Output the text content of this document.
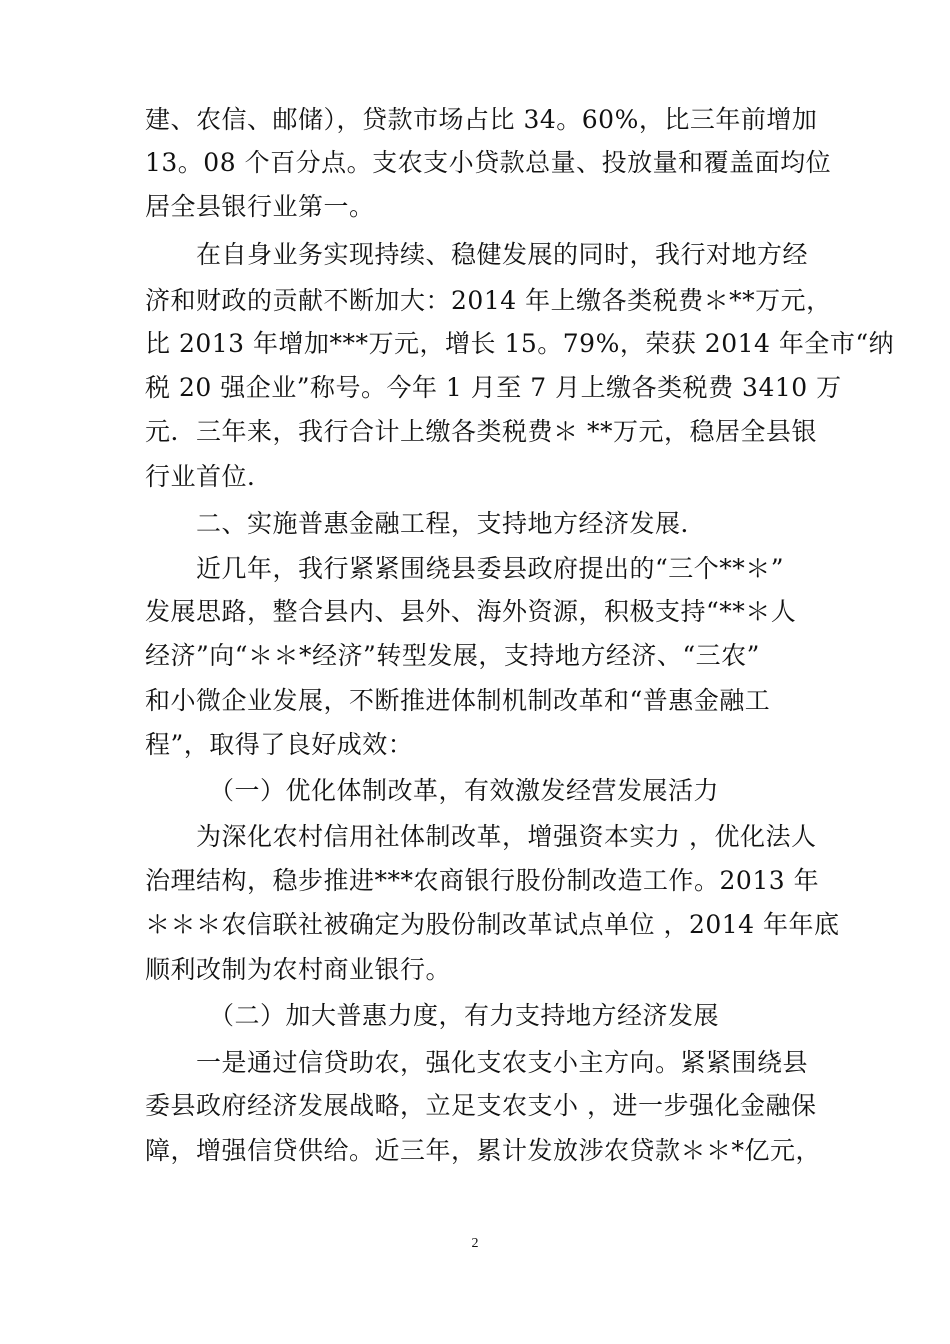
建、农信、邮储），贷款市场占比 34。60%，比三年前增加
13。08 个百分点。支农支小贷款总量、投放量和覆盖面均位
居全县银行业第一。
　　在自身业务实现持续、稳健发展的同时，我行对地方经
济和财政的贡献不断加大：2014 年上缴各类税费＊**万元，
比 2013 年增加***万元，增长 15。79%，荣获 2014 年全市“纳
税 20 强企业”称号。今年 1 月至 7 月上缴各类税费 3410 万
元．三年来，我行合计上缴各类税费＊ **万元，稳居全县银
行业首位．
　　二、实施普惠金融工程，支持地方经济发展．
　　近几年，我行紧紧围绕县委县政府提出的“三个**＊”
发展思路，整合县内、县外、海外资源，积极支持“**＊人
经济”向“＊＊*经济”转型发展，支持地方经济、“三农”
和小微企业发展，不断推进体制机制改革和“普惠金融工
程”，取得了良好成效：
　　　（一）优化体制改革，有效激发经营发展活力
　　为深化农村信用社体制改革，增强资本实力 ，优化法人
治理结构，稳步推进***农商银行股份制改造工作。2013 年
＊＊＊农信联社被确定为股份制改革试点单位 ，2014 年年底
顺利改制为农村商业银行。
　　　（二）加大普惠力度，有力支持地方经济发展
　　一是通过信贷助农，强化支农支小主方向。紧紧围绕县
委县政府经济发展战略，立足支农支小 ，进一步强化金融保
障，增强信贷供给。近三年，累计发放涉农贷款＊＊*亿元，
2
